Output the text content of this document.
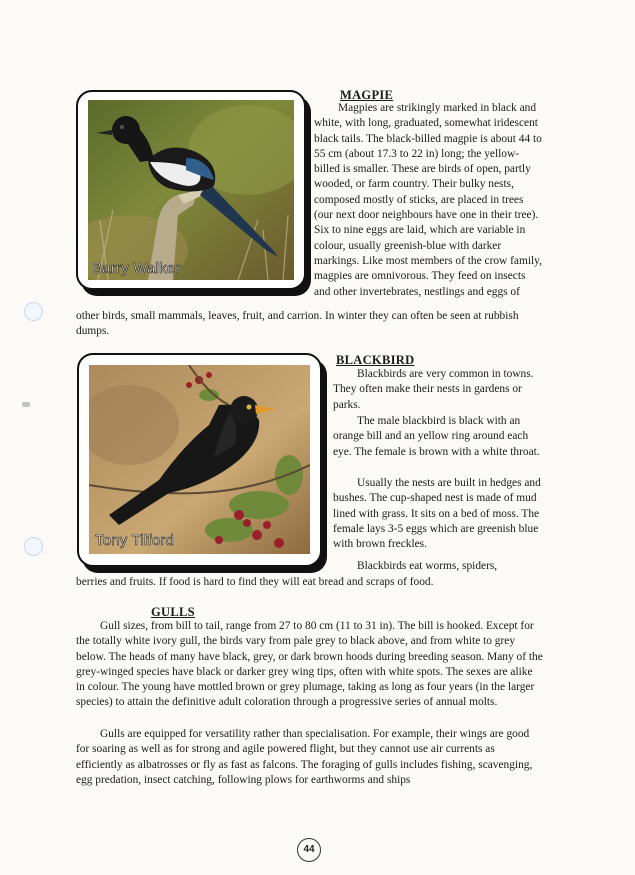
Barry Walker
MAGPIE

Magpies are strikingly marked in black and white, with long, graduated, somewhat iridescent black tails. The black-billed magpie is about 44 to 55 cm (about 17.3 to 22 in) long; the yellow-billed is smaller. These are birds of open, partly wooded, or farm country. Their bulky nests, composed mostly of sticks, are placed in trees (our next door neighbours have one in their tree). Six to nine eggs are laid, which are variable in colour, usually greenish-blue with darker markings. Like most members of the crow family, magpies are omnivorous. They feed on insects and other invertebrates, nestlings and eggs of

other birds, small mammals, leaves, fruit, and carrion. In winter they can often be seen at rubbish dumps.

Tony Tilford
BLACKBIRD

Blackbirds are very common in towns. They often make their nests in gardens or parks.

The male blackbird is black with an orange bill and an yellow ring around each eye. The female is brown with a white throat.

Usually the nests are built in hedges and bushes. The cup-shaped nest is made of mud lined with grass. It sits on a bed of moss. The female lays 3-5 eggs which are greenish blue with brown freckles.

Blackbirds eat worms, spiders,

berries and fruits. If food is hard to find they will eat bread and scraps of food.

GULLS

Gull sizes, from bill to tail, range from 27 to 80 cm (11 to 31 in). The bill is hooked. Except for the totally white ivory gull, the birds vary from pale grey to black above, and from white to grey below. The heads of many have black, grey, or dark brown hoods during breeding season. Many of the grey-winged species have black or darker grey wing tips, often with white spots. The sexes are alike in colour. The young have mottled brown or grey plumage, taking as long as four years (in the larger species) to attain the definitive adult coloration through a progressive series of annual molts.

Gulls are equipped for versatility rather than specialisation. For example, their wings are good for soaring as well as for strong and agile powered flight, but they cannot use air currents as efficiently as albatrosses or fly as fast as falcons. The foraging of gulls includes fishing, scavenging, egg predation, insect catching, following plows for earthworms and ships

44
